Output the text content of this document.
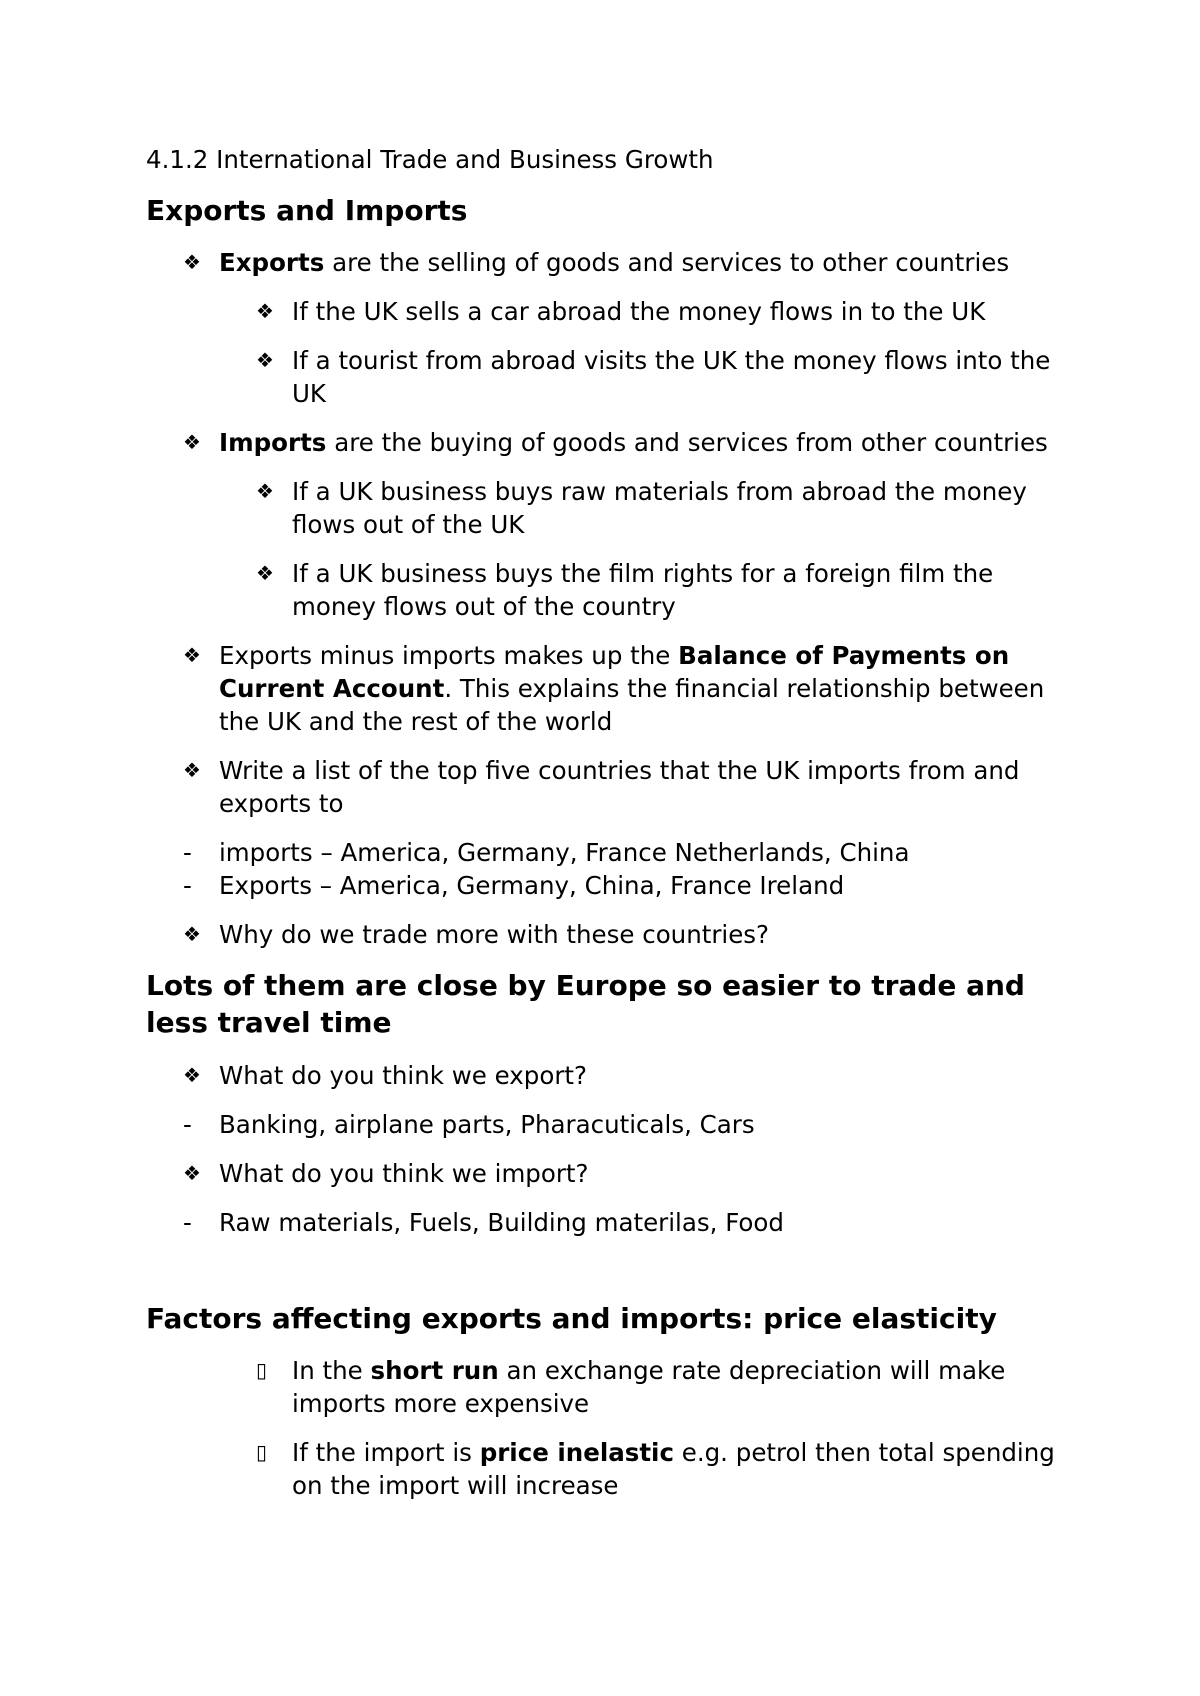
4.1.2 International Trade and Business Growth
Exports and Imports
❖ Exports are the selling of goods and services to other countries
❖ If the UK sells a car abroad the money flows in to the UK
❖ If a tourist from abroad visits the UK the money flows into the
UK
❖ Imports are the buying of goods and services from other countries
❖ If a UK business buys raw materials from abroad the money
flows out of the UK
❖ If a UK business buys the film rights for a foreign film the
money flows out of the country
❖ Exports minus imports makes up the Balance of Payments on
Current Account. This explains the financial relationship between
the UK and the rest of the world
❖ Write a list of the top five countries that the UK imports from and
exports to
- imports – America, Germany, France Netherlands, China
- Exports – America, Germany, China, France Ireland
❖ Why do we trade more with these countries?
Lots of them are close by Europe so easier to trade and
less travel time
❖ What do you think we export?
- Banking, airplane parts, Pharacuticals, Cars
❖ What do you think we import?
- Raw materials, Fuels, Building materilas, Food
Factors affecting exports and imports: price elasticity
▯ In the short run an exchange rate depreciation will make
imports more expensive
▯ If the import is price inelastic e.g. petrol then total spending
on the import will increase
